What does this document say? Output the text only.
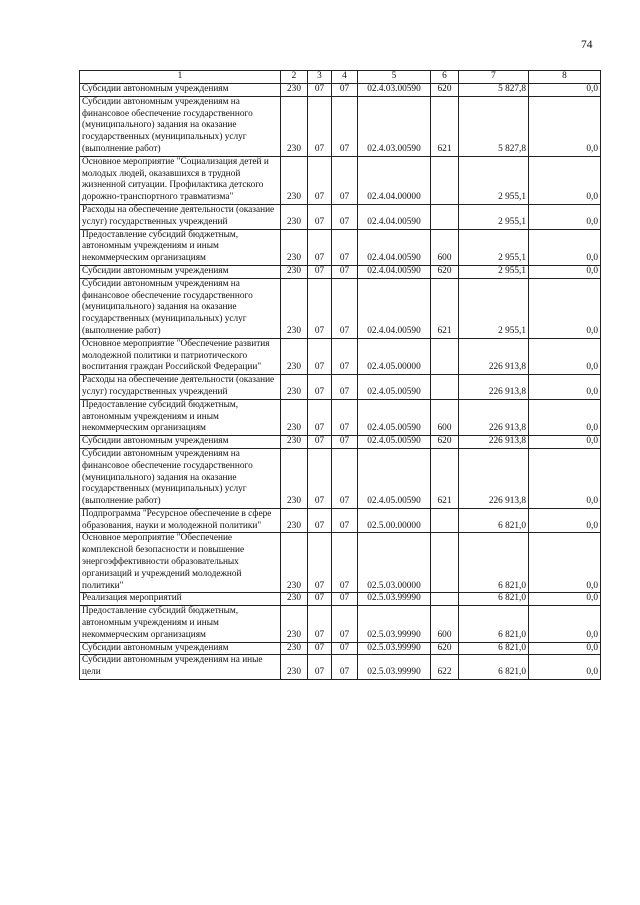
74
1	2	3	4	5	6	7	8
Субсидии автономным учреждениям	230	07	07	02.4.03.00590	620	5 827,8	0,0
Субсидии автономным учреждениям на финансовое обеспечение государственного (муниципального) задания на оказание государственных (муниципальных) услуг (выполнение работ)	230	07	07	02.4.03.00590	621	5 827,8	0,0
Основное мероприятие "Социализация детей и молодых людей, оказавшихся в трудной жизненной ситуации. Профилактика детского дорожно-транспортного травматизма"	230	07	07	02.4.04.00000		2 955,1	0,0
Расходы на обеспечение деятельности (оказание услуг) государственных учреждений	230	07	07	02.4.04.00590		2 955,1	0,0
Предоставление субсидий бюджетным, автономным учреждениям и иным некоммерческим организациям	230	07	07	02.4.04.00590	600	2 955,1	0,0
Субсидии автономным учреждениям	230	07	07	02.4.04.00590	620	2 955,1	0,0
Субсидии автономным учреждениям на финансовое обеспечение государственного (муниципального) задания на оказание государственных (муниципальных) услуг (выполнение работ)	230	07	07	02.4.04.00590	621	2 955,1	0,0
Основное мероприятие "Обеспечение развития молодежной политики и патриотического воспитания граждан Российской Федерации"	230	07	07	02.4.05.00000		226 913,8	0,0
Расходы на обеспечение деятельности (оказание услуг) государственных учреждений	230	07	07	02.4.05.00590		226 913,8	0,0
Предоставление субсидий бюджетным, автономным учреждениям и иным некоммерческим организациям	230	07	07	02.4.05.00590	600	226 913,8	0,0
Субсидии автономным учреждениям	230	07	07	02.4.05.00590	620	226 913,8	0,0
Субсидии автономным учреждениям на финансовое обеспечение государственного (муниципального) задания на оказание государственных (муниципальных) услуг (выполнение работ)	230	07	07	02.4.05.00590	621	226 913,8	0,0
Подпрограмма "Ресурсное обеспечение в сфере образования, науки и молодежной политики"	230	07	07	02.5.00.00000		6 821,0	0,0
Основное мероприятие "Обеспечение комплексной безопасности и повышение энергоэффективности образовательных организаций и учреждений молодежной политики"	230	07	07	02.5.03.00000		6 821,0	0,0
Реализация мероприятий	230	07	07	02.5.03.99990		6 821,0	0,0
Предоставление субсидий бюджетным, автономным учреждениям и иным некоммерческим организациям	230	07	07	02.5.03.99990	600	6 821,0	0,0
Субсидии автономным учреждениям	230	07	07	02.5.03.99990	620	6 821,0	0,0
Субсидии автономным учреждениям на иные цели	230	07	07	02.5.03.99990	622	6 821,0	0,0
